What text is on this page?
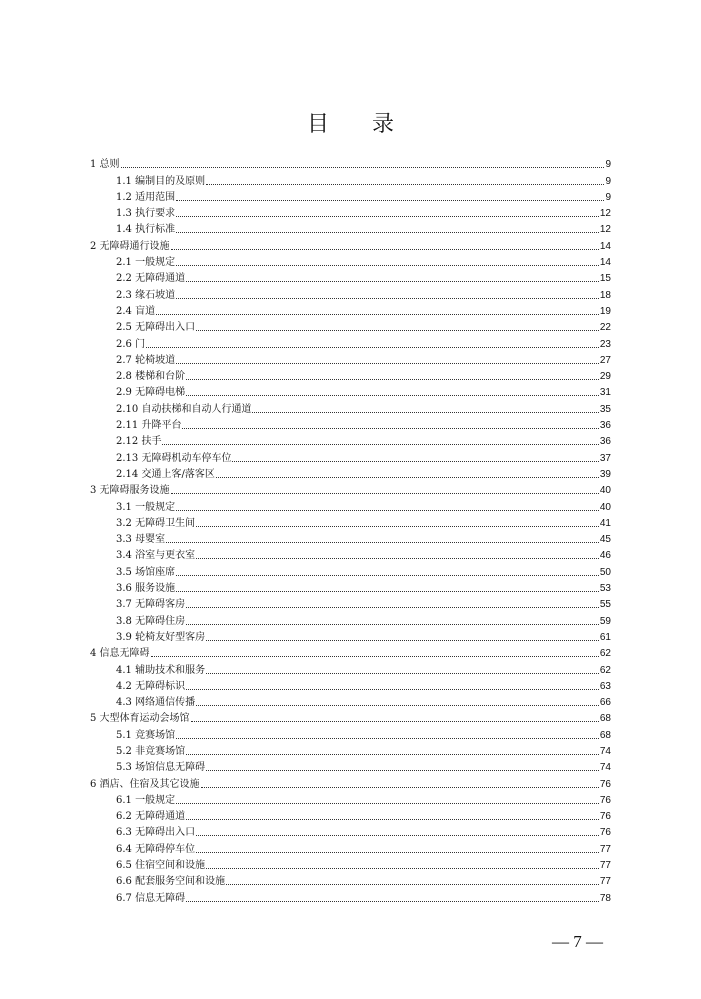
目 录
1 总则	9
1.1 编制目的及原则	9
1.2 适用范围	9
1.3 执行要求	12
1.4 执行标准	12
2 无障碍通行设施	14
2.1 一般规定	14
2.2 无障碍通道	15
2.3 缘石坡道	18
2.4 盲道	19
2.5 无障碍出入口	22
2.6 门	23
2.7 轮椅坡道	27
2.8 楼梯和台阶	29
2.9 无障碍电梯	31
2.10 自动扶梯和自动人行通道	35
2.11 升降平台	36
2.12 扶手	36
2.13 无障碍机动车停车位	37
2.14 交通上客/落客区	39
3 无障碍服务设施	40
3.1 一般规定	40
3.2 无障碍卫生间	41
3.3 母婴室	45
3.4 浴室与更衣室	46
3.5 场馆座席	50
3.6 服务设施	53
3.7 无障碍客房	55
3.8 无障碍住房	59
3.9 轮椅友好型客房	61
4 信息无障碍	62
4.1 辅助技术和服务	62
4.2 无障碍标识	63
4.3 网络通信传播	66
5 大型体育运动会场馆	68
5.1 竞赛场馆	68
5.2 非竞赛场馆	74
5.3 场馆信息无障碍	74
6 酒店、住宿及其它设施	76
6.1 一般规定	76
6.2 无障碍通道	76
6.3 无障碍出入口	76
6.4 无障碍停车位	77
6.5 住宿空间和设施	77
6.6 配套服务空间和设施	77
6.7 信息无障碍	78
— 7 —
